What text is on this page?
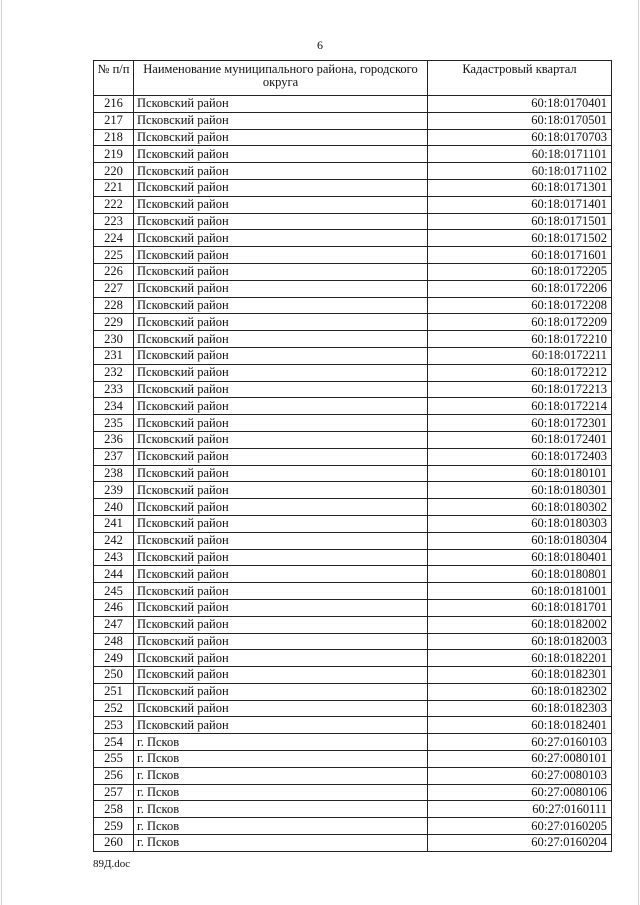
6
№ п/п	Наименование муниципального района, городского округа	Кадастровый квартал
216	Псковский район	60:18:0170401
217	Псковский район	60:18:0170501
218	Псковский район	60:18:0170703
219	Псковский район	60:18:0171101
220	Псковский район	60:18:0171102
221	Псковский район	60:18:0171301
222	Псковский район	60:18:0171401
223	Псковский район	60:18:0171501
224	Псковский район	60:18:0171502
225	Псковский район	60:18:0171601
226	Псковский район	60:18:0172205
227	Псковский район	60:18:0172206
228	Псковский район	60:18:0172208
229	Псковский район	60:18:0172209
230	Псковский район	60:18:0172210
231	Псковский район	60:18:0172211
232	Псковский район	60:18:0172212
233	Псковский район	60:18:0172213
234	Псковский район	60:18:0172214
235	Псковский район	60:18:0172301
236	Псковский район	60:18:0172401
237	Псковский район	60:18:0172403
238	Псковский район	60:18:0180101
239	Псковский район	60:18:0180301
240	Псковский район	60:18:0180302
241	Псковский район	60:18:0180303
242	Псковский район	60:18:0180304
243	Псковский район	60:18:0180401
244	Псковский район	60:18:0180801
245	Псковский район	60:18:0181001
246	Псковский район	60:18:0181701
247	Псковский район	60:18:0182002
248	Псковский район	60:18:0182003
249	Псковский район	60:18:0182201
250	Псковский район	60:18:0182301
251	Псковский район	60:18:0182302
252	Псковский район	60:18:0182303
253	Псковский район	60:18:0182401
254	г. Псков	60:27:0160103
255	г. Псков	60:27:0080101
256	г. Псков	60:27:0080103
257	г. Псков	60:27:0080106
258	г. Псков	60:27:0160111
259	г. Псков	60:27:0160205
260	г. Псков	60:27:0160204
89Д.doc
